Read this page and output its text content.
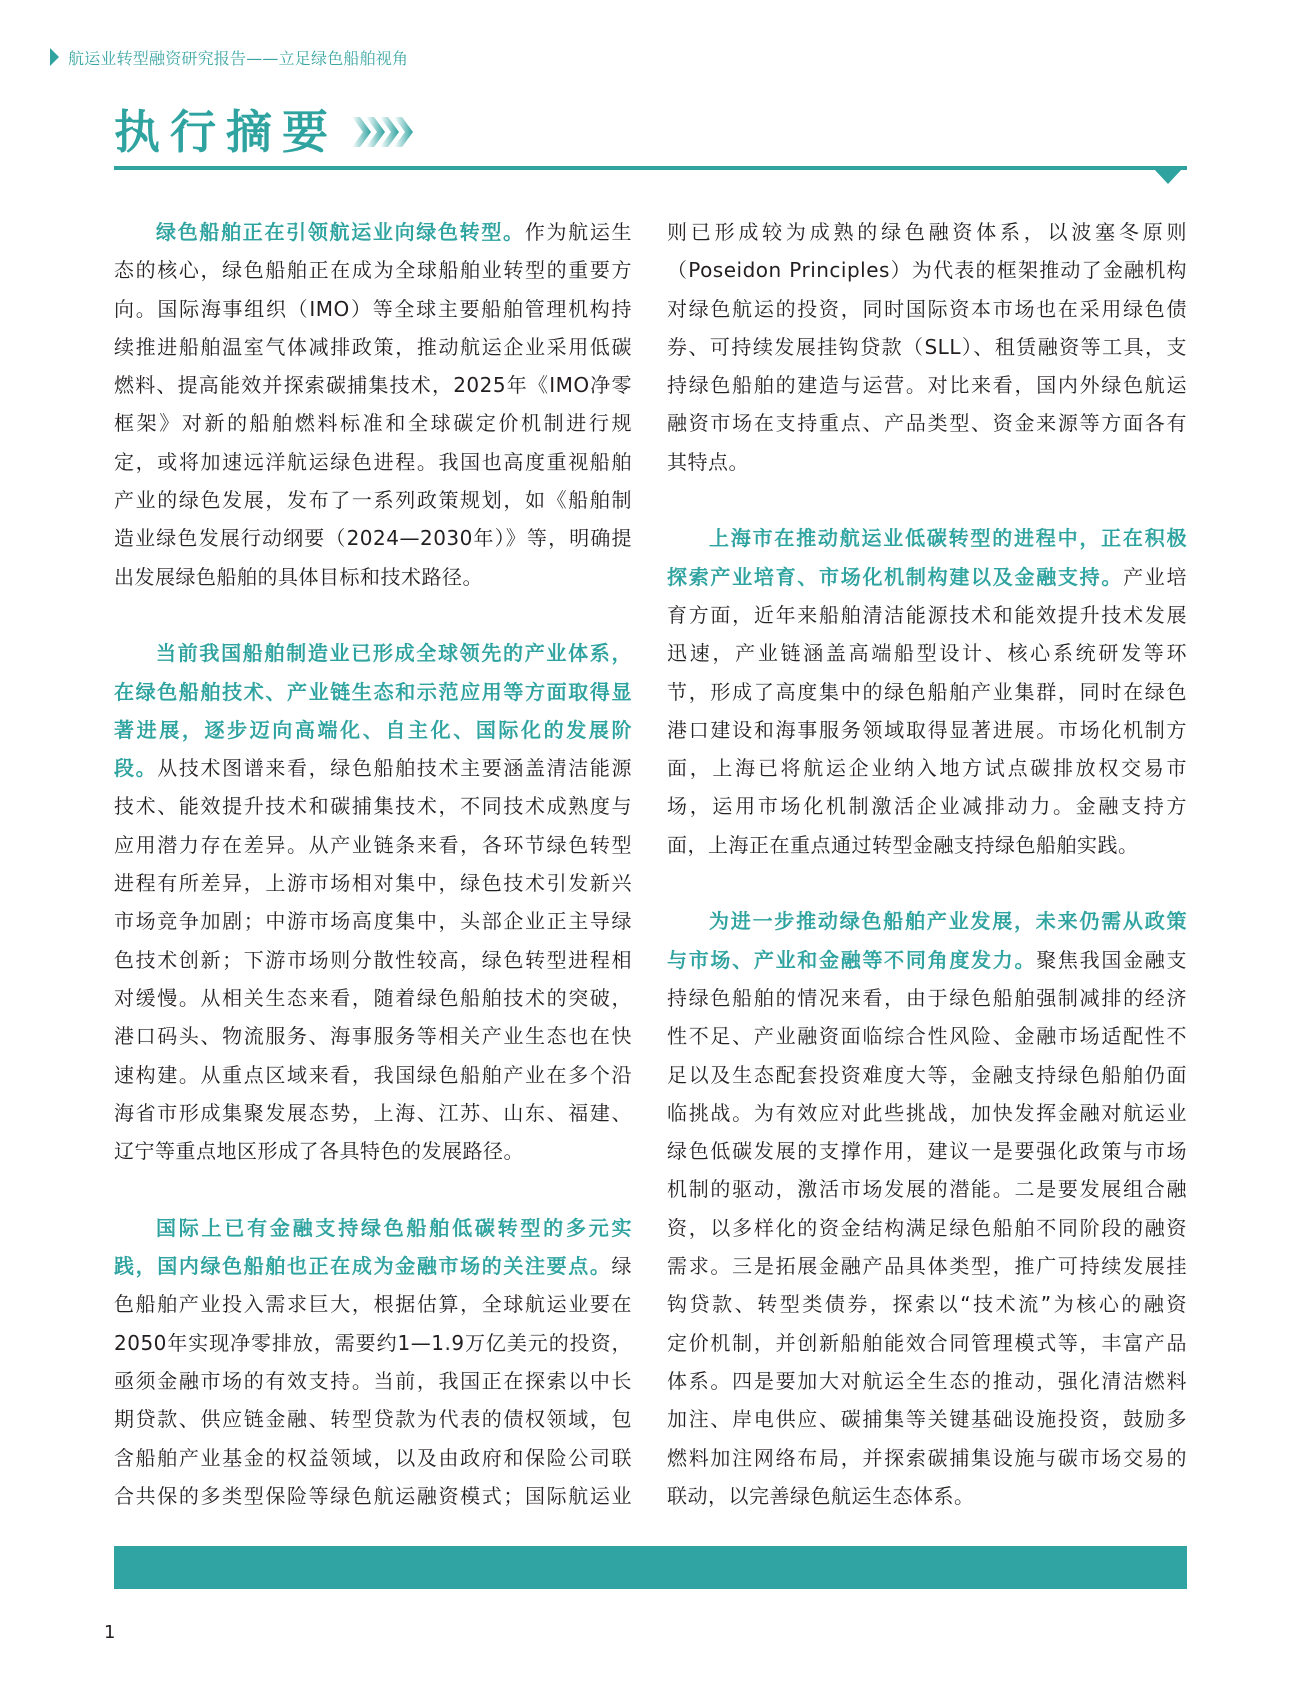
航运业转型融资研究报告——立足绿色船舶视角
执行摘要
绿色船舶正在引领航运业向绿色转型。作为航运生
态的核心，绿色船舶正在成为全球船舶业转型的重要方
向。国际海事组织（IMO）等全球主要船舶管理机构持
续推进船舶温室气体减排政策，推动航运企业采用低碳
燃料、提高能效并探索碳捕集技术，2025年《IMO净零
框架》对新的船舶燃料标准和全球碳定价机制进行规
定，或将加速远洋航运绿色进程。我国也高度重视船舶
产业的绿色发展，发布了一系列政策规划，如《船舶制
造业绿色发展行动纲要（2024—2030年）》等，明确提
出发展绿色船舶的具体目标和技术路径。

当前我国船舶制造业已形成全球领先的产业体系，
在绿色船舶技术、产业链生态和示范应用等方面取得显
著进展，逐步迈向高端化、自主化、国际化的发展阶
段。从技术图谱来看，绿色船舶技术主要涵盖清洁能源
技术、能效提升技术和碳捕集技术，不同技术成熟度与
应用潜力存在差异。从产业链条来看，各环节绿色转型
进程有所差异，上游市场相对集中，绿色技术引发新兴
市场竞争加剧；中游市场高度集中，头部企业正主导绿
色技术创新；下游市场则分散性较高，绿色转型进程相
对缓慢。从相关生态来看，随着绿色船舶技术的突破，
港口码头、物流服务、海事服务等相关产业生态也在快
速构建。从重点区域来看，我国绿色船舶产业在多个沿
海省市形成集聚发展态势，上海、江苏、山东、福建、
辽宁等重点地区形成了各具特色的发展路径。

国际上已有金融支持绿色船舶低碳转型的多元实
践，国内绿色船舶也正在成为金融市场的关注要点。绿
色船舶产业投入需求巨大，根据估算，全球航运业要在
2050年实现净零排放，需要约1—1.9万亿美元的投资，
亟须金融市场的有效支持。当前，我国正在探索以中长
期贷款、供应链金融、转型贷款为代表的债权领域，包
含船舶产业基金的权益领域，以及由政府和保险公司联
合共保的多类型保险等绿色航运融资模式；国际航运业
则已形成较为成熟的绿色融资体系，以波塞冬原则
（Poseidon Principles）为代表的框架推动了金融机构
对绿色航运的投资，同时国际资本市场也在采用绿色债
券、可持续发展挂钩贷款（SLL）、租赁融资等工具，支
持绿色船舶的建造与运营。对比来看，国内外绿色航运
融资市场在支持重点、产品类型、资金来源等方面各有
其特点。

上海市在推动航运业低碳转型的进程中，正在积极
探索产业培育、市场化机制构建以及金融支持。产业培
育方面，近年来船舶清洁能源技术和能效提升技术发展
迅速，产业链涵盖高端船型设计、核心系统研发等环
节，形成了高度集中的绿色船舶产业集群，同时在绿色
港口建设和海事服务领域取得显著进展。市场化机制方
面，上海已将航运企业纳入地方试点碳排放权交易市
场，运用市场化机制激活企业减排动力。金融支持方
面，上海正在重点通过转型金融支持绿色船舶实践。

为进一步推动绿色船舶产业发展，未来仍需从政策
与市场、产业和金融等不同角度发力。聚焦我国金融支
持绿色船舶的情况来看，由于绿色船舶强制减排的经济
性不足、产业融资面临综合性风险、金融市场适配性不
足以及生态配套投资难度大等，金融支持绿色船舶仍面
临挑战。为有效应对此些挑战，加快发挥金融对航运业
绿色低碳发展的支撑作用，建议一是要强化政策与市场
机制的驱动，激活市场发展的潜能。二是要发展组合融
资，以多样化的资金结构满足绿色船舶不同阶段的融资
需求。三是拓展金融产品具体类型，推广可持续发展挂
钩贷款、转型类债券，探索以“技术流”为核心的融资
定价机制，并创新船舶能效合同管理模式等，丰富产品
体系。四是要加大对航运全生态的推动，强化清洁燃料
加注、岸电供应、碳捕集等关键基础设施投资，鼓励多
燃料加注网络布局，并探索碳捕集设施与碳市场交易的
联动，以完善绿色航运生态体系。
1
